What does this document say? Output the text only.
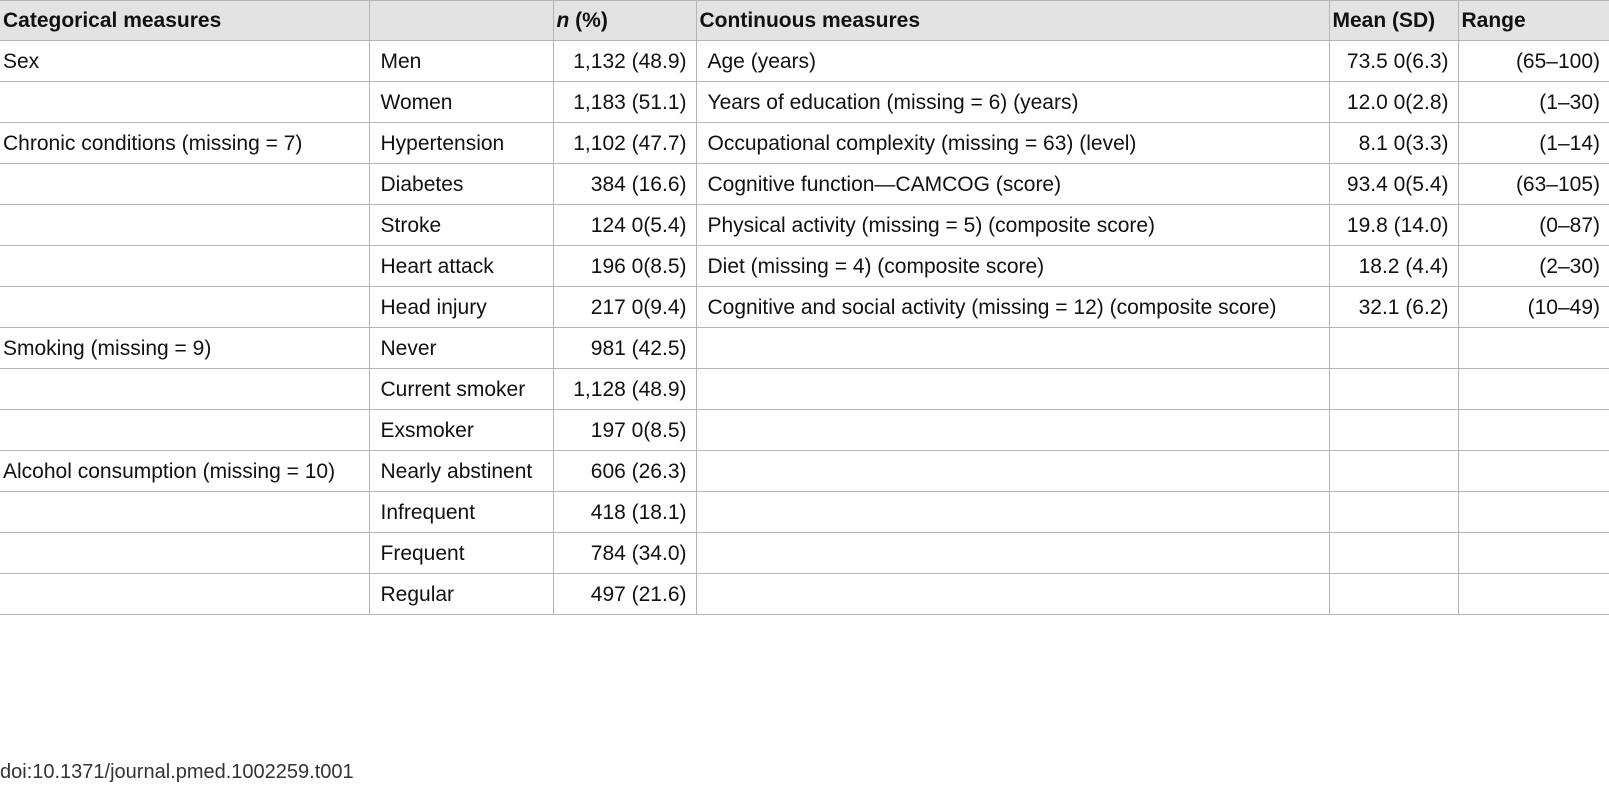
Categorical measures		n (%)	Continuous measures	Mean (SD)	Range
Sex	Men	1,132 (48.9)	Age (years)	73.5 0(6.3)	(65–100)
	Women	1,183 (51.1)	Years of education (missing = 6) (years)	12.0 0(2.8)	(1–30)
Chronic conditions (missing = 7)	Hypertension	1,102 (47.7)	Occupational complexity (missing = 63) (level)	8.1 0(3.3)	(1–14)
	Diabetes	384 (16.6)	Cognitive function—CAMCOG (score)	93.4 0(5.4)	(63–105)
	Stroke	124 0(5.4)	Physical activity (missing = 5) (composite score)	19.8 (14.0)	(0–87)
	Heart attack	196 0(8.5)	Diet (missing = 4) (composite score)	18.2 (4.4)	(2–30)
	Head injury	217 0(9.4)	Cognitive and social activity (missing = 12) (composite score)	32.1 (6.2)	(10–49)
Smoking (missing = 9)	Never	981 (42.5)			
	Current smoker	1,128 (48.9)			
	Exsmoker	197 0(8.5)			
Alcohol consumption (missing = 10)	Nearly abstinent	606 (26.3)			
	Infrequent	418 (18.1)			
	Frequent	784 (34.0)			
	Regular	497 (21.6)			
doi:10.1371/journal.pmed.1002259.t001
